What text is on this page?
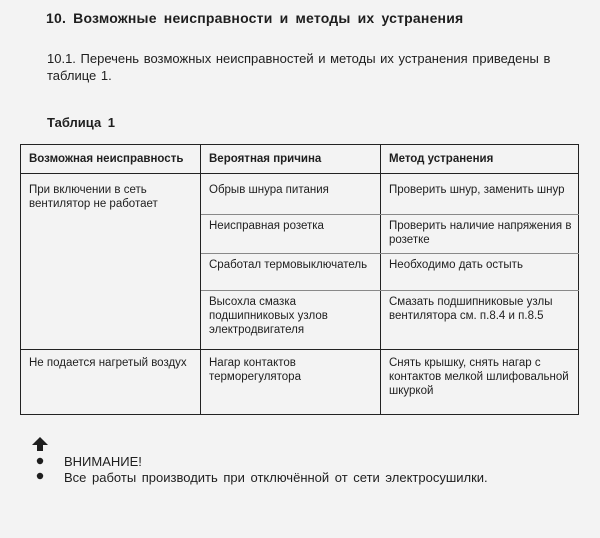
10. Возможные неисправности и методы их устранения
10.1. Перечень возможных неисправностей и методы их устранения приведены в таблице 1.
Таблица 1
Возможная неисправность	Вероятная причина	Метод устранения
При включении в сеть вентилятор не работает	Обрыв шнура питания	Проверить шнур, заменить шнур
	Неисправная розетка	Проверить наличие напряжения в розетке
	Сработал термовыключатель	Необходимо дать остыть
	Высохла смазка подшипниковых узлов электродвигателя	Смазать подшипниковые узлы вентилятора см. п.8.4 и п.8.5
Не подается нагретый воздух	Нагар контактов терморегулятора	Снять крышку, снять нагар с контактов мелкой шлифовальной шкуркой
ВНИМАНИЕ!
Все работы производить при отключённой от сети электросушилки.
